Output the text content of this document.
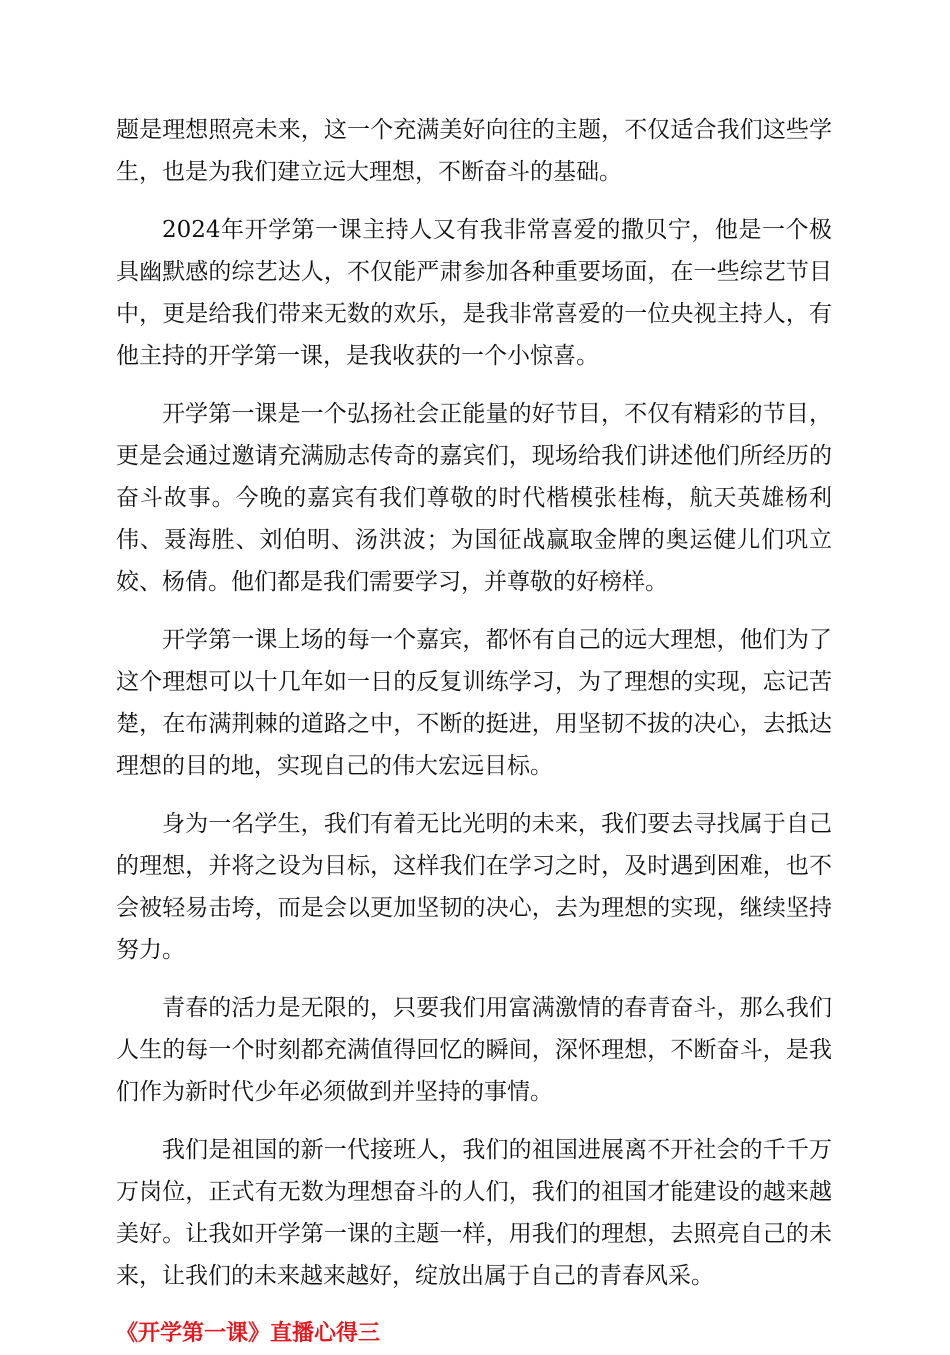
题是理想照亮未来，这一个充满美好向往的主题，不仅适合我们这些学生，也是为我们建立远大理想，不断奋斗的基础。

2024年开学第一课主持人又有我非常喜爱的撒贝宁，他是一个极具幽默感的综艺达人，不仅能严肃参加各种重要场面，在一些综艺节目中，更是给我们带来无数的欢乐，是我非常喜爱的一位央视主持人，有他主持的开学第一课，是我收获的一个小惊喜。

开学第一课是一个弘扬社会正能量的好节目，不仅有精彩的节目，更是会通过邀请充满励志传奇的嘉宾们，现场给我们讲述他们所经历的奋斗故事。今晚的嘉宾有我们尊敬的时代楷模张桂梅，航天英雄杨利伟、聂海胜、刘伯明、汤洪波；为国征战赢取金牌的奥运健儿们巩立姣、杨倩。他们都是我们需要学习，并尊敬的好榜样。

开学第一课上场的每一个嘉宾，都怀有自己的远大理想，他们为了这个理想可以十几年如一日的反复训练学习，为了理想的实现，忘记苦楚，在布满荆棘的道路之中，不断的挺进，用坚韧不拔的决心，去抵达理想的目的地，实现自己的伟大宏远目标。

身为一名学生，我们有着无比光明的未来，我们要去寻找属于自己的理想，并将之设为目标，这样我们在学习之时，及时遇到困难，也不会被轻易击垮，而是会以更加坚韧的决心，去为理想的实现，继续坚持努力。

青春的活力是无限的，只要我们用富满激情的春青奋斗，那么我们人生的每一个时刻都充满值得回忆的瞬间，深怀理想，不断奋斗，是我们作为新时代少年必须做到并坚持的事情。

我们是祖国的新一代接班人，我们的祖国进展离不开社会的千千万万岗位，正式有无数为理想奋斗的人们，我们的祖国才能建设的越来越美好。让我如开学第一课的主题一样，用我们的理想，去照亮自己的未来，让我们的未来越来越好，绽放出属于自己的青春风采。

《开学第一课》直播心得三
